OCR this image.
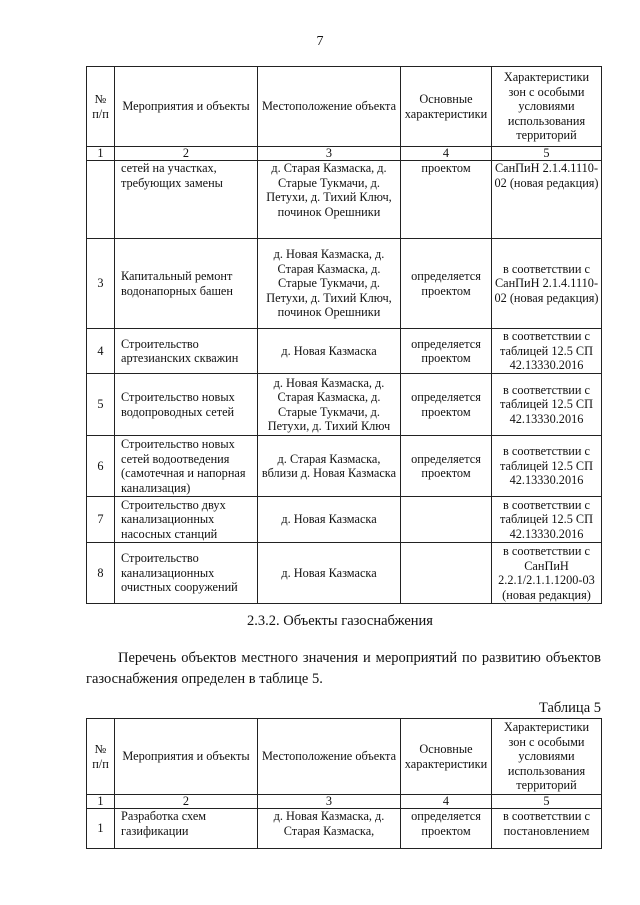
7
№ п/п	Мероприятия и объекты	Местоположение объекта	Основные характеристики	Характеристики зон с особыми условиями использования территорий
1	2	3	4	5
	сетей на участках, требующих замены	д. Старая Казмаска, д. Старые Тукмачи, д. Петухи, д. Тихий Ключ, починок Орешники	проектом	СанПиН 2.1.4.1110-02 (новая редакция)
3	Капитальный ремонт водонапорных башен	д. Новая Казмаска, д. Старая Казмаска, д. Старые Тукмачи, д. Петухи, д. Тихий Ключ, починок Орешники	определяется проектом	в соответствии с СанПиН 2.1.4.1110-02 (новая редакция)
4	Строительство артезианских скважин	д. Новая Казмаска	определяется проектом	в соответствии с таблицей 12.5 СП 42.13330.2016
5	Строительство новых водопроводных сетей	д. Новая Казмаска, д. Старая Казмаска, д. Старые Тукмачи, д. Петухи, д. Тихий Ключ	определяется проектом	в соответствии с таблицей 12.5 СП 42.13330.2016
6	Строительство новых сетей водоотведения (самотечная и напорная канализация)	д. Старая Казмаска, вблизи д. Новая Казмаска	определяется проектом	в соответствии с таблицей 12.5 СП 42.13330.2016
7	Строительство двух канализационных насосных станций	д. Новая Казмаска		в соответствии с таблицей 12.5 СП 42.13330.2016
8	Строительство канализационных очистных сооружений	д. Новая Казмаска		в соответствии с СанПиН 2.2.1/2.1.1.1200-03 (новая редакция)
2.3.2. Объекты газоснабжения
Перечень объектов местного значения и мероприятий по развитию объектов газоснабжения определен в таблице 5.
Таблица 5
№ п/п	Мероприятия и объекты	Местоположение объекта	Основные характеристики	Характеристики зон с особыми условиями использования территорий
1	2	3	4	5
1	Разработка схем газификации	д. Новая Казмаска, д. Старая Казмаска,	определяется проектом	в соответствии с постановлением
